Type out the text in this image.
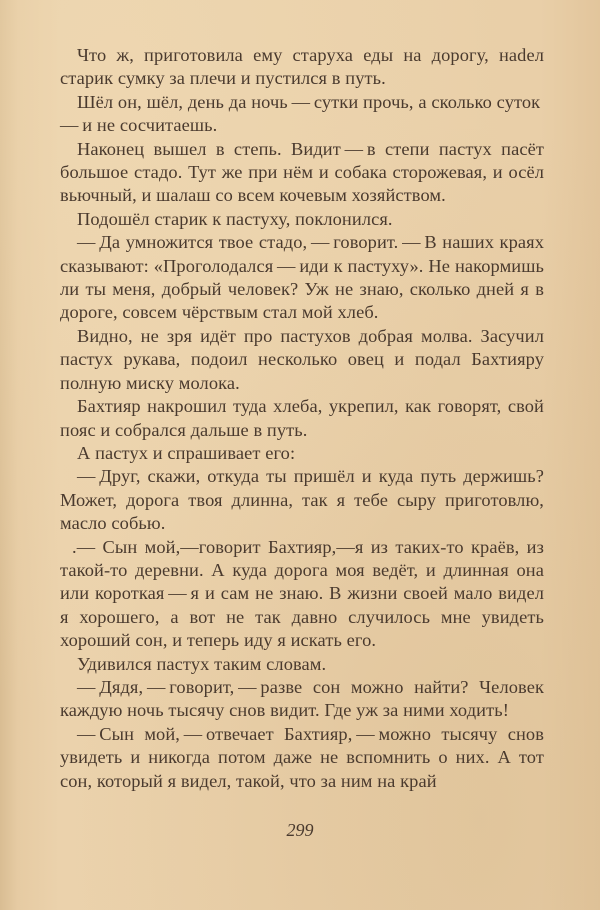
Что ж, приготовила ему старуха еды на дорогу, наdел старик сумку за плечи и пустился в путь.

Шёл он, шёл, день да ночь — сутки прочь, а сколько суток — и не сосчитаешь.

Наконец вышел в степь. Видит — в степи пастух пасёт большое стадо. Тут же при нём и собака сторожевая, и осёл вьючный, и шалаш со всем кочевым хозяйством.

Подошёл старик к пастуху, поклонился.

— Да умножится твое стадо, — говорит. — В наших краях сказывают: «Проголодался — иди к пастуху». Не накормишь ли ты меня, добрый человек? Уж не знаю, сколько дней я в дороге, совсем чёрствым стал мой хлеб.

Видно, не зря идёт про пастухов добрая молва. Засучил пастух рукава, подоил несколько овец и подал Бахтияру полную миску молока.

Бахтияр накрошил туда хлеба, укрепил, как говорят, свой пояс и собрался дальше в путь.

А пастух и спрашивает его:

— Друг, скажи, откуда ты пришёл и куда путь держишь? Может, дорога твоя длинна, так я тебе сыру приготовлю, масло собью.

.— Сын мой,—говорит Бахтияр,—я из таких-то краёв, из такой-то деревни. А куда дорога моя ведёт, и длинная она или короткая — я и сам не знаю. В жизни своей мало видел я хорошего, а вот не так давно случилось мне увидеть хороший сон, и теперь иду я искать его.

Удивился пастух таким словам.

— Дядя, — говорит, — разве сон можно найти? Человек каждую ночь тысячу снов видит. Где уж за ними ходить!

— Сын мой, — отвечает Бахтияр, — можно тысячу снов увидеть и никогда потом даже не вспомнить о них. А тот сон, который я видел, такой, что за ним на край

299
